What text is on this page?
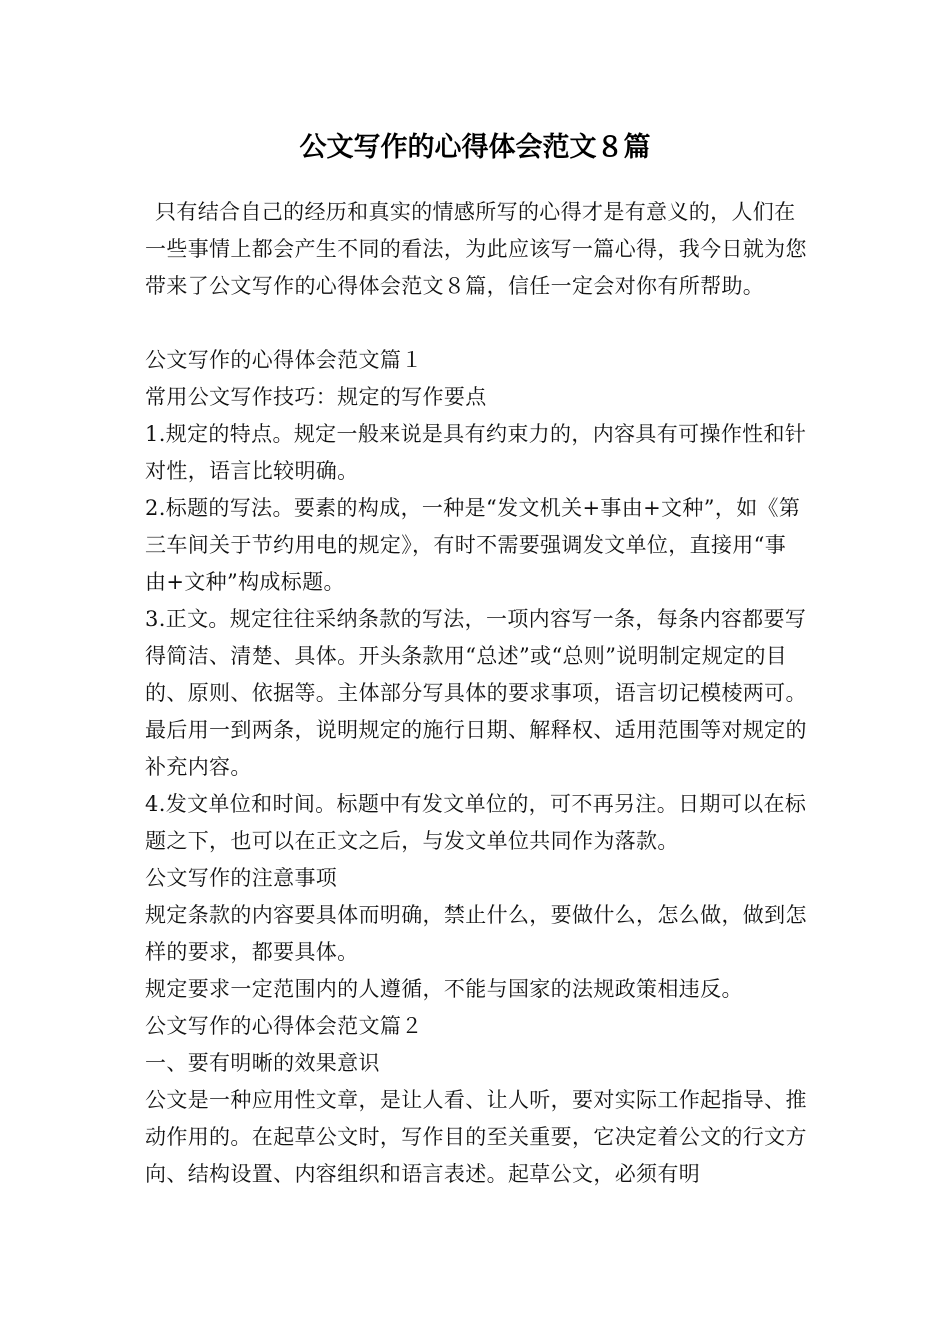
公文写作的心得体会范文８篇

只有结合自己的经历和真实的情感所写的心得才是有意义的，人们在一些事情上都会产生不同的看法，为此应该写一篇心得，我今日就为您带来了公文写作的心得体会范文８篇，信任一定会对你有所帮助。

公文写作的心得体会范文篇１

常用公文写作技巧：规定的写作要点

1.规定的特点。规定一般来说是具有约束力的，内容具有可操作性和针对性，语言比较明确。

2.标题的写法。要素的构成，一种是“发文机关+事由+文种”，如《第三车间关于节约用电的规定》，有时不需要强调发文单位，直接用“事由+文种”构成标题。

3.正文。规定往往采纳条款的写法，一项内容写一条，每条内容都要写得简洁、清楚、具体。开头条款用“总述”或“总则”说明制定规定的目的、原则、依据等。主体部分写具体的要求事项，语言切记模棱两可。最后用一到两条，说明规定的施行日期、解释权、适用范围等对规定的补充内容。

4.发文单位和时间。标题中有发文单位的，可不再另注。日期可以在标题之下，也可以在正文之后，与发文单位共同作为落款。

公文写作的注意事项

规定条款的内容要具体而明确，禁止什么，要做什么，怎么做，做到怎样的要求，都要具体。

规定要求一定范围内的人遵循，不能与国家的法规政策相违反。

公文写作的心得体会范文篇２

一、要有明晰的效果意识

公文是一种应用性文章，是让人看、让人听，要对实际工作起指导、推动作用的。在起草公文时，写作目的至关重要，它决定着公文的行文方向、结构设置、内容组织和语言表述。起草公文，必须有明
